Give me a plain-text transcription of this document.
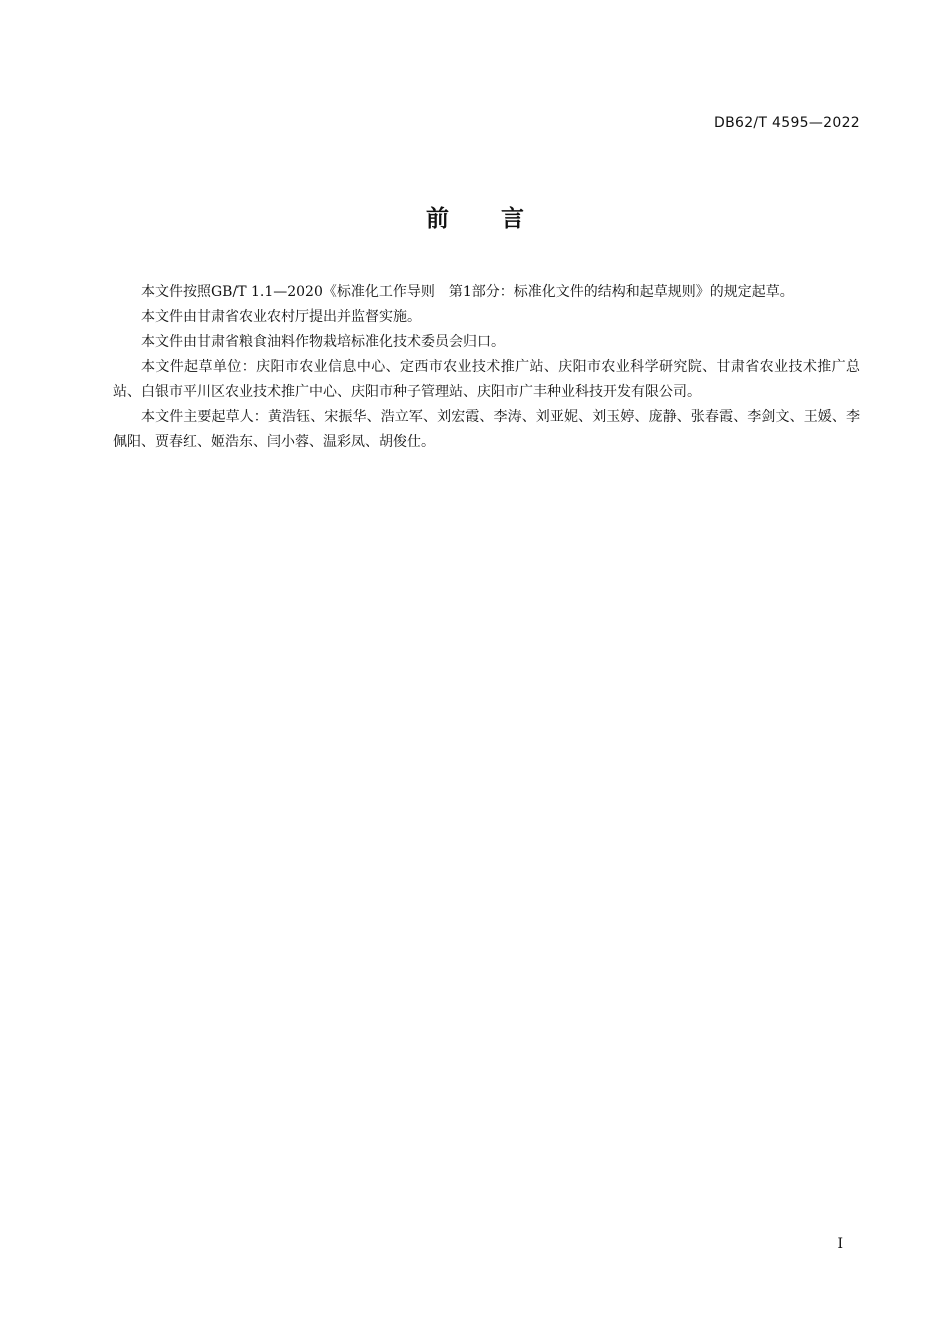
DB62/T 4595—2022
前 言

本文件按照GB/T 1.1—2020《标准化工作导则　第1部分：标准化文件的结构和起草规则》的规定起草。

本文件由甘肃省农业农村厅提出并监督实施。

本文件由甘肃省粮食油料作物栽培标准化技术委员会归口。

本文件起草单位：庆阳市农业信息中心、定西市农业技术推广站、庆阳市农业科学研究院、甘肃省农业技术推广总站、白银市平川区农业技术推广中心、庆阳市种子管理站、庆阳市广丰种业科技开发有限公司。

本文件主要起草人：黄浩钰、宋振华、浩立军、刘宏霞、李涛、刘亚妮、刘玉婷、庞静、张春霞、李剑文、王媛、李佩阳、贾春红、姬浩东、闫小蓉、温彩凤、胡俊仕。

I
